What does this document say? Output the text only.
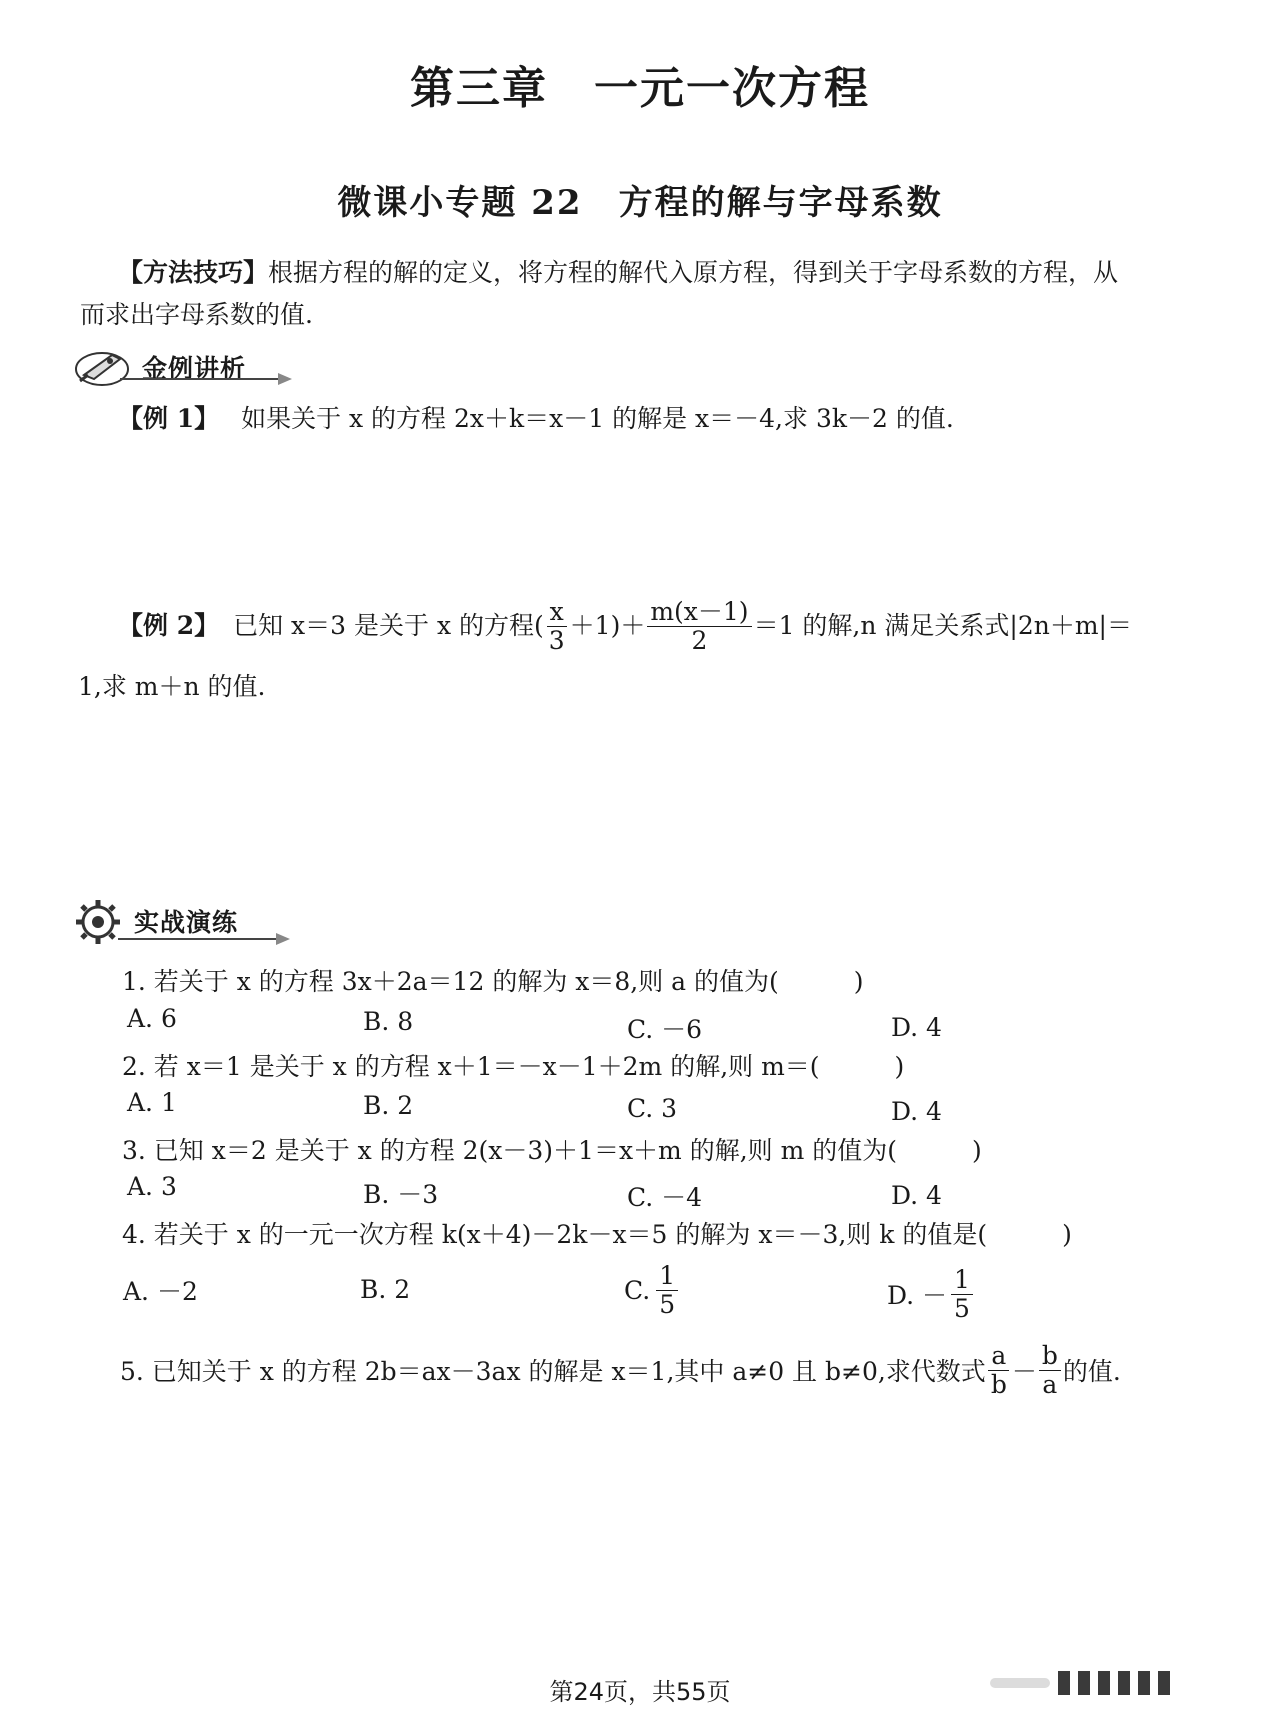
第三章　一元一次方程
微课小专题 22　方程的解与字母系数
【方法技巧】根据方程的解的定义，将方程的解代入原方程，得到关于字母系数的方程，从
而求出字母系数的值.
金例讲析
【例 1】 如果关于 x 的方程 2x＋k＝x－1 的解是 x＝－4,求 3k－2 的值.
【例 2】 已知 x＝3 是关于 x 的方程( $\frac{x}{3} +1)+ \frac{m(x-1)}{2} =1$ 的解,n 满足关系式|2n＋m|＝
1,求 m＋n 的值.
实战演练
1. 若关于 x 的方程 3x＋2a＝12 的解为 x＝8,则 a 的值为(　　　)
A. 6	B. 8	C. －6	D. 4
2. 若 x＝1 是关于 x 的方程 x＋1＝－x－1＋2m 的解,则 m＝(　　　)
A. 1	B. 2	C. 3	D. 4
3. 已知 x＝2 是关于 x 的方程 2(x－3)＋1＝x＋m 的解,则 m 的值为(　　　)
A. 3	B. －3	C. －4	D. 4
4. 若关于 x 的一元一次方程 k(x＋4)－2k－x＝5 的解为 x＝－3,则 k 的值是(　　　)
A. －2	B. 2	C. $\frac{1}{5}$	D. － $\frac{1}{5}$
5. 已知关于 x 的方程 2b＝ax－3ax 的解是 x＝1,其中 a≠0 且 b≠0,求代数式 $\frac{a}{b} - \frac{b}{a}$ 的值.
第24页，共55页
